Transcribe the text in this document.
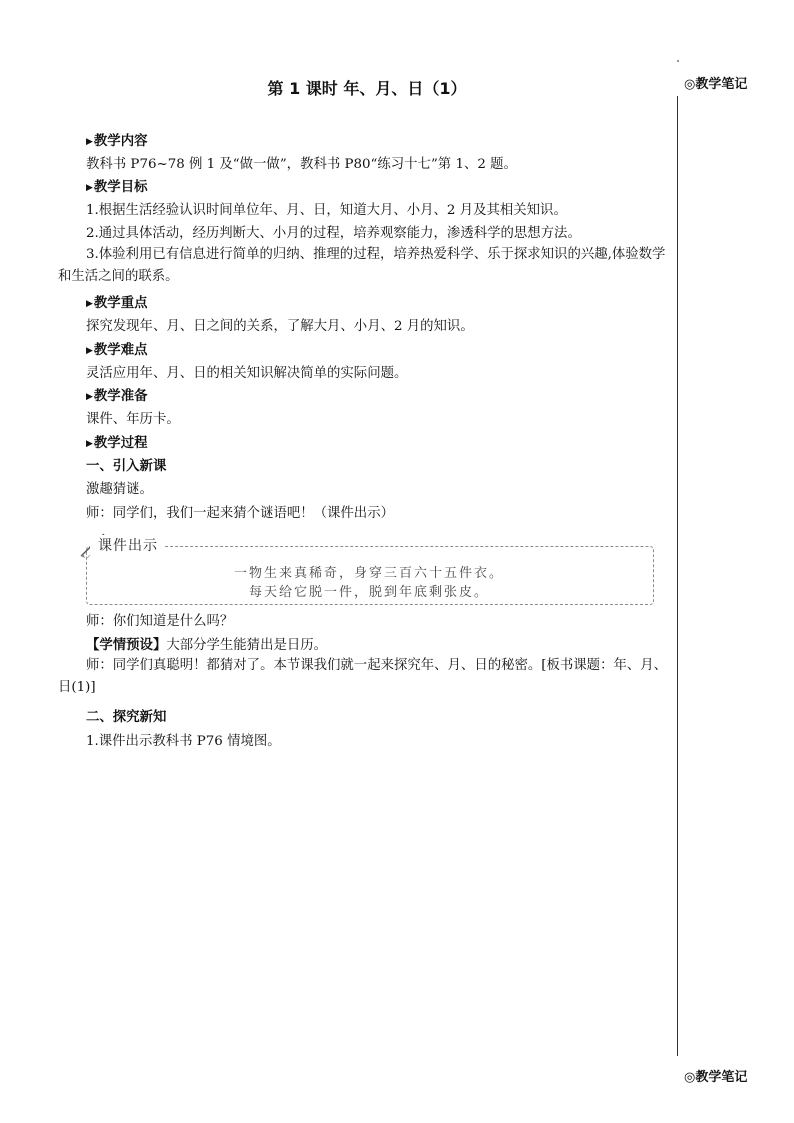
◎教学笔记
◎教学笔记
第 1 课时 年、月、日（1）
▶教学内容
教科书 P76~78 例 1 及“做一做”，教科书 P80“练习十七”第 1、2 题。
▶教学目标
1.根据生活经验认识时间单位年、月、日，知道大月、小月、2 月及其相关知识。
2.通过具体活动，经历判断大、小月的过程，培养观察能力，渗透科学的思想方法。
3.体验利用已有信息进行简单的归纳、推理的过程，培养热爱科学、乐于探求知识的兴趣,体验数学和生活之间的联系。
▶教学重点
探究发现年、月、日之间的关系，了解大月、小月、2 月的知识。
▶教学难点
灵活应用年、月、日的相关知识解决简单的实际问题。
▶教学准备
课件、年历卡。
▶教学过程
一、引入新课
激趣猜谜。
师：同学们，我们一起来猜个谜语吧！（课件出示）
课件出示
一物生来真稀奇，身穿三百六十五件衣。
每天给它脱一件，脱到年底剩张皮。
师：你们知道是什么吗？
【学情预设】大部分学生能猜出是日历。
师：同学们真聪明！都猜对了。本节课我们就一起来探究年、月、日的秘密。[板书课题：年、月、日(1)]
二、探究新知
1.课件出示教科书 P76 情境图。
